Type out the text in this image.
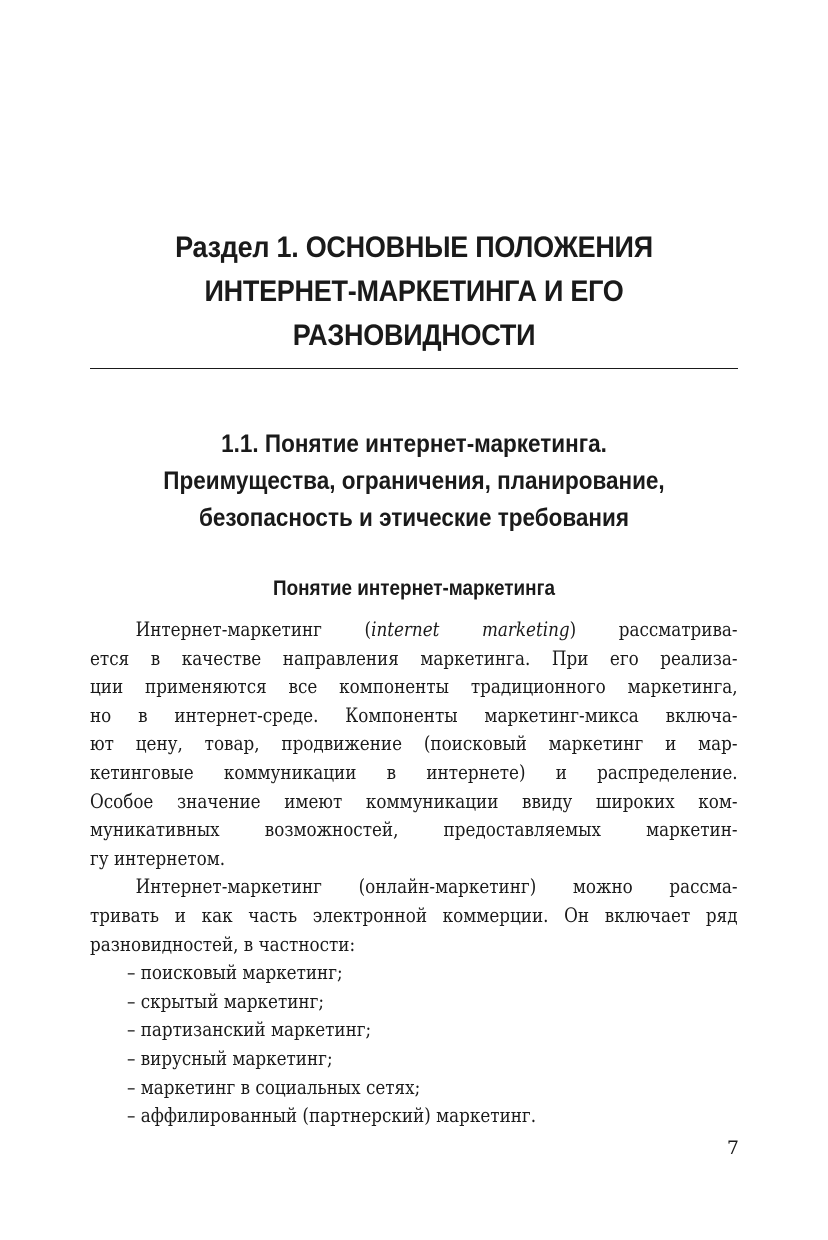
Раздел 1. ОСНОВНЫЕ ПОЛОЖЕНИЯ
ИНТЕРНЕТ-МАРКЕТИНГА И ЕГО
РАЗНОВИДНОСТИ
1.1. Понятие интернет-маркетинга.
Преимущества, ограничения, планирование,
безопасность и этические требования
Понятие интернет-маркетинга
Интернет-маркетинг (internet marketing) рассматрива-
ется в качестве направления маркетинга. При его реализа-
ции применяются все компоненты традиционного маркетинга,
но в интернет-среде. Компоненты маркетинг-микса включа-
ют цену, товар, продвижение (поисковый маркетинг и мар-
кетинговые коммуникации в интернете) и распределение.
Особое значение имеют коммуникации ввиду широких ком-
муникативных возможностей, предоставляемых маркетин-
гу интернетом.
Интернет-маркетинг (онлайн-маркетинг) можно рассма-
тривать и как часть электронной коммерции. Он включает ряд
разновидностей, в частности:
– поисковый маркетинг;
– скрытый маркетинг;
– партизанский маркетинг;
– вирусный маркетинг;
– маркетинг в социальных сетях;
– аффилированный (партнерский) маркетинг.
7
